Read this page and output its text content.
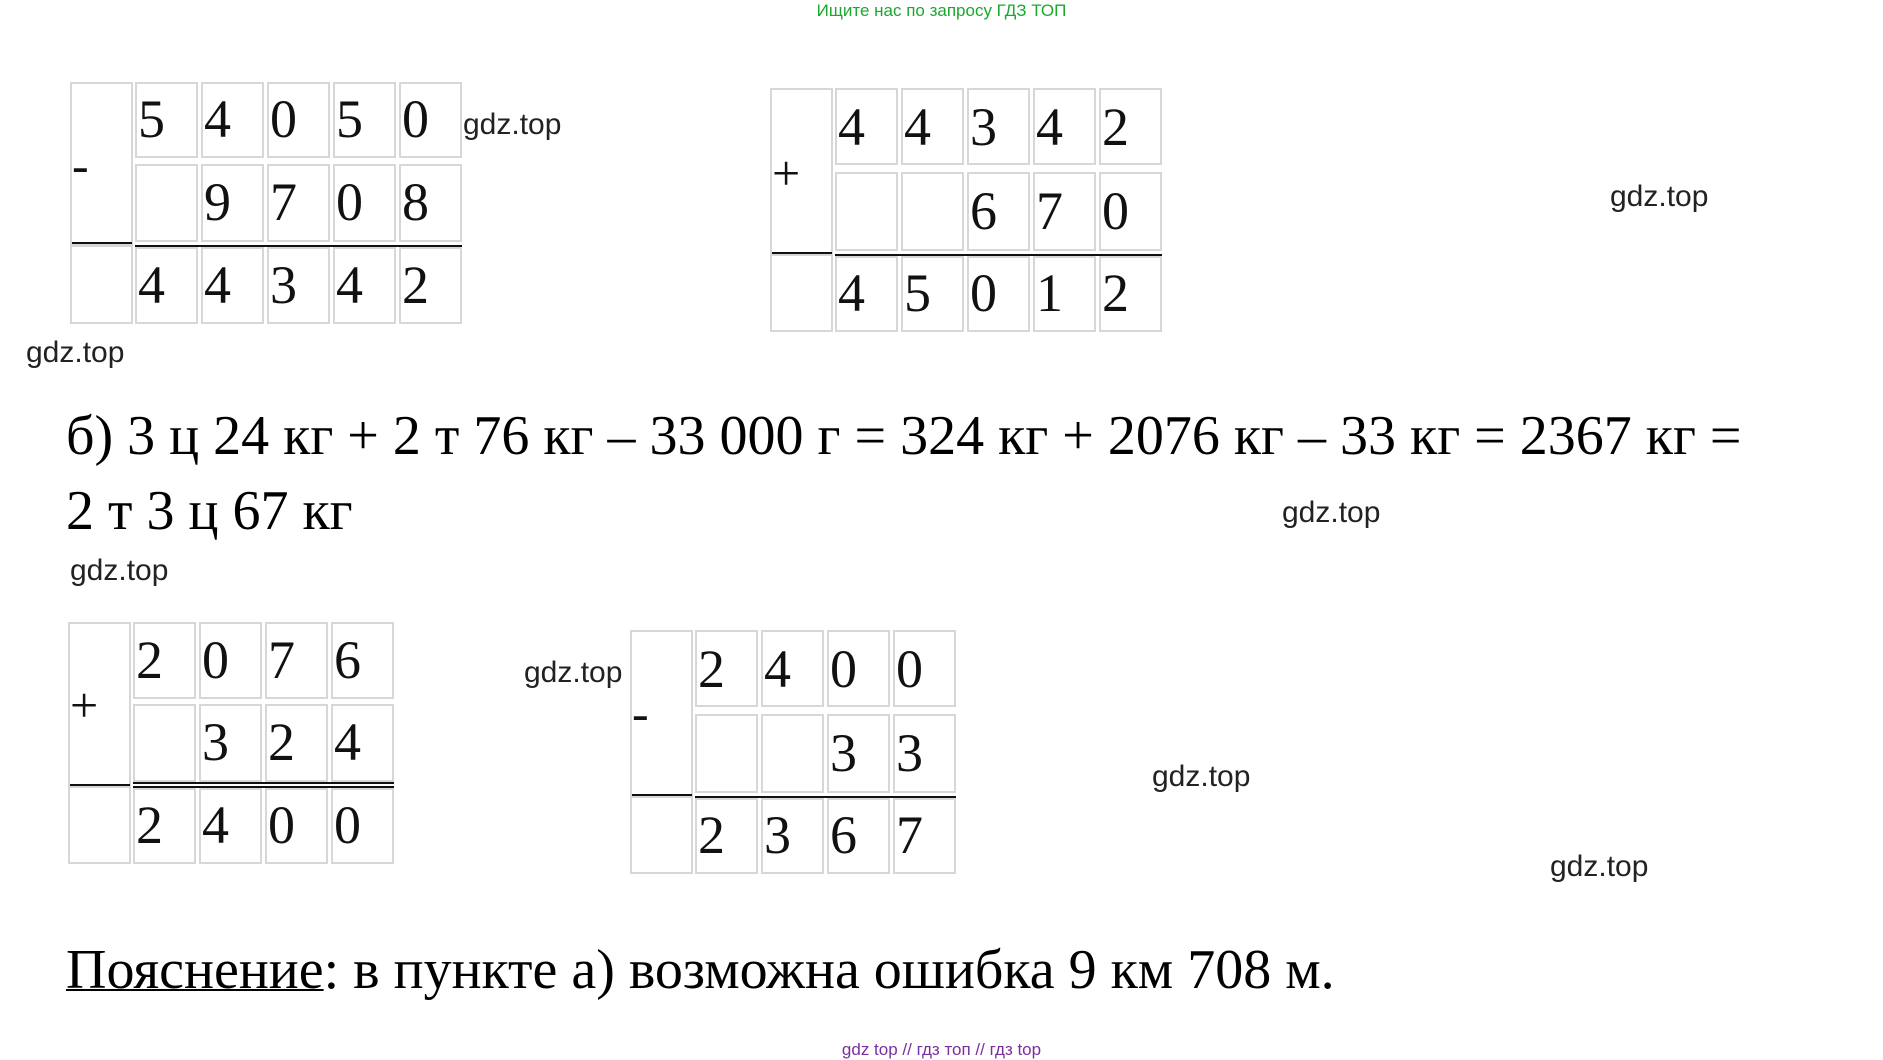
Ищите нас по запросу ГДЗ ТОП
-
5 4 0 5 0
9 7 0 8
4 4 3 4 2
+
4 4 3 4 2
6 7 0
4 5 0 1 2
gdz.top
gdz.top
gdz.top
gdz.top
gdz.top
gdz.top
gdz.top
gdz.top
б) 3 ц 24 кг + 2 т 76 кг – 33 000 г = 324 кг + 2076 кг – 33 кг = 2367 кг =
2 т 3 ц 67 кг
+
2 0 7 6
3 2 4
2 4 0 0
-
2 4 0 0
3 3
2 3 6 7
Пояснение: в пункте а) возможна ошибка 9 км 708 м.
gdz top // гдз топ // гдз top
